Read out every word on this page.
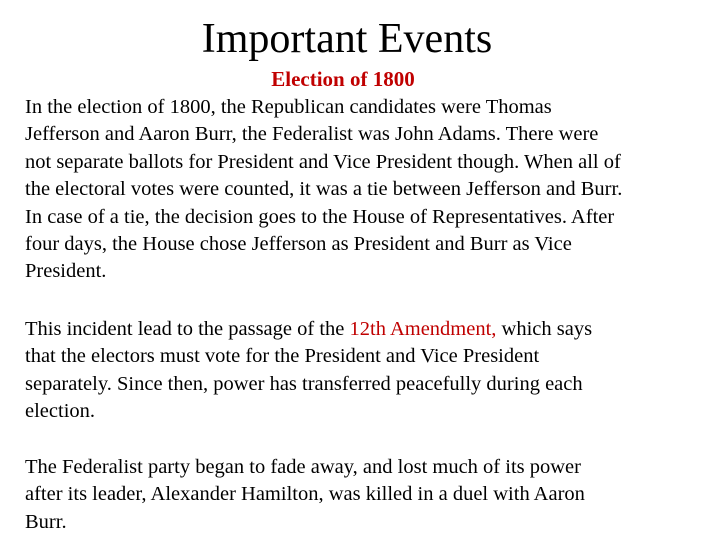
Important Events
Election of 1800
In the election of 1800, the Republican candidates were Thomas
Jefferson and Aaron Burr, the Federalist was John Adams. There were
not separate ballots for President and Vice President though. When all of
the electoral votes were counted, it was a tie between Jefferson and Burr.
In case of a tie, the decision goes to the House of Representatives. After
four days, the House chose Jefferson as President and Burr as Vice
President.
This incident lead to the passage of the 12th Amendment, which says
that the electors must vote for the President and Vice President
separately. Since then, power has transferred peacefully during each
election.
The Federalist party began to fade away, and lost much of its power
after its leader, Alexander Hamilton, was killed in a duel with Aaron
Burr.
